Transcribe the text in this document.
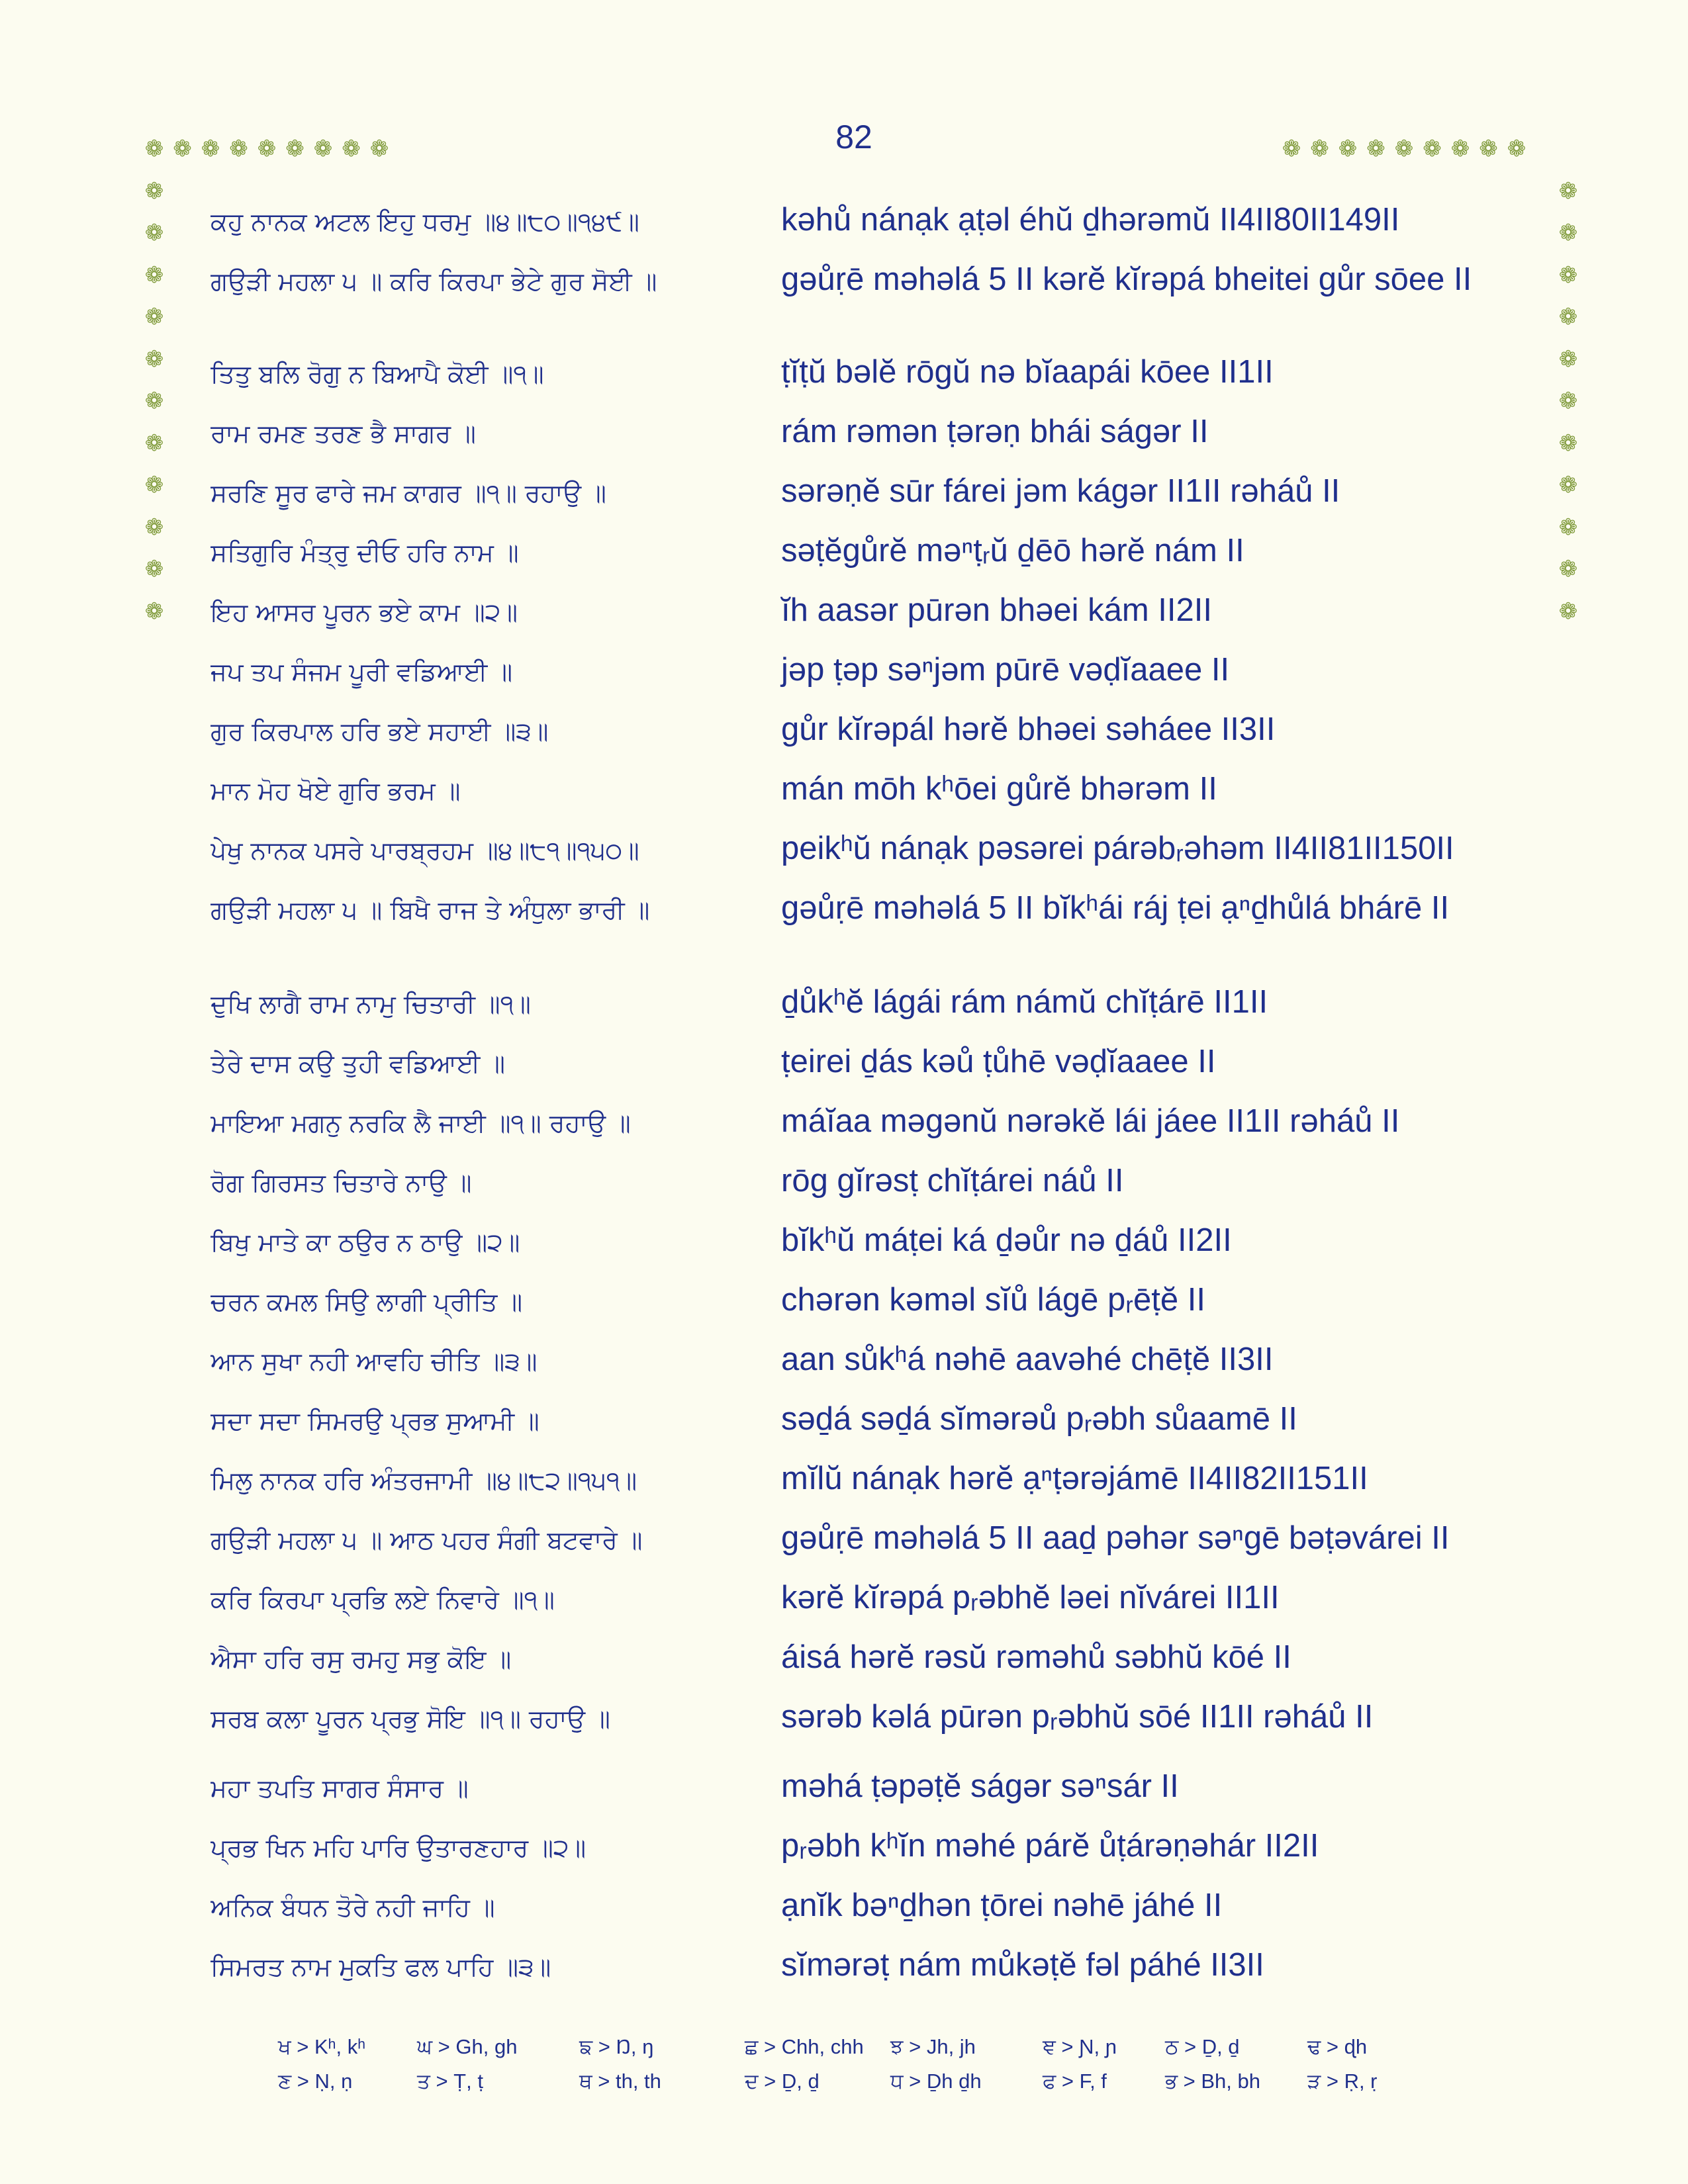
82
❁ ❁ ❁ ❁ ❁ ❁ ❁ ❁ ❁	❁ ❁ ❁ ❁ ❁ ❁ ❁ ❁ ❁
❁
❁
❁
❁
❁
❁
❁
❁
❁
❁
❁
❁
❁
❁
❁
❁
❁
❁
❁
❁
❁
❁
ਕਹੁ ਨਾਨਕ ਅਟਲ ਇਹੁ ਧਰਮੁ ॥੪॥੮੦॥੧੪੯॥	kəhů nánạk ạṭəl éhŭ ḏhərəmŭ II4II80II149II
ਗਉੜੀ ਮਹਲਾ ੫ ॥ ਕਰਿ ਕਿਰਪਾ ਭੇਟੇ ਗੁਰ ਸੋਈ ॥	gəůṛē məhəlá 5 II kərĕ kĭrəpá bheitei gůr sōee II
ਤਿਤੁ ਬਲਿ ਰੋਗੁ ਨ ਬਿਆਪੈ ਕੋਈ ॥੧॥	ṭĭṭŭ bəlĕ rōgŭ nə bĭaapái kōee II1II
ਰਾਮ ਰਮਣ ਤਰਣ ਭੈ ਸਾਗਰ ॥	rám rəmən ṭərəṇ bhái ságər II
ਸਰਣਿ ਸੂਰ ਫਾਰੇ ਜਮ ਕਾਗਰ ॥੧॥ ਰਹਾਉ ॥	sərəṇĕ sūr fárei jəm kágər II1II rəháů II
ਸਤਿਗੁਰਿ ਮੰਤ੍ਰੁ ਦੀਓ ਹਰਿ ਨਾਮ ॥	səṭĕgůrĕ məⁿṭᵣŭ ḏēō hərĕ nám II
ਇਹ ਆਸਰ ਪੂਰਨ ਭਏ ਕਾਮ ॥੨॥	ĭh aasər pūrən bhəei kám II2II
ਜਪ ਤਪ ਸੰਜਮ ਪੂਰੀ ਵਡਿਆਈ ॥	jəp ṭəp səⁿjəm pūrē vəḍĭaaee II
ਗੁਰ ਕਿਰਪਾਲ ਹਰਿ ਭਏ ਸਹਾਈ ॥੩॥	gůr kĭrəpál hərĕ bhəei səháee II3II
ਮਾਨ ਮੋਹ ਖੋਏ ਗੁਰਿ ਭਰਮ ॥	mán mōh kʰōei gůrĕ bhərəm II
ਪੇਖੁ ਨਾਨਕ ਪਸਰੇ ਪਾਰਬ੍ਰਹਮ ॥੪॥੮੧॥੧੫੦॥	peikʰŭ nánạk pəsərei párəbᵣəhəm II4II81II150II
ਗਉੜੀ ਮਹਲਾ ੫ ॥ ਬਿਖੈ ਰਾਜ ਤੇ ਅੰਧੁਲਾ ਭਾਰੀ ॥	gəůṛē məhəlá 5 II bĭkʰái ráj ṭei ạⁿḏhůlá bhárē II
ਦੁਖਿ ਲਾਗੈ ਰਾਮ ਨਾਮੁ ਚਿਤਾਰੀ ॥੧॥	ḏůkʰĕ lágái rám námŭ chĭṭárē II1II
ਤੇਰੇ ਦਾਸ ਕਉ ਤੁਹੀ ਵਡਿਆਈ ॥	ṭeirei ḏás kəů ṭůhē vəḍĭaaee II
ਮਾਇਆ ਮਗਨੁ ਨਰਕਿ ਲੈ ਜਾਈ ॥੧॥ ਰਹਾਉ ॥	máĭaa məgənŭ nərəkĕ lái jáee II1II rəháů II
ਰੋਗ ਗਿਰਸਤ ਚਿਤਾਰੇ ਨਾਉ ॥	rōg gĭrəsṭ chĭṭárei náů II
ਬਿਖੁ ਮਾਤੇ ਕਾ ਠਉਰ ਨ ਠਾਉ ॥੨॥	bĭkʰŭ máṭei ká ḏəůr nə ḏáů II2II
ਚਰਨ ਕਮਲ ਸਿਉ ਲਾਗੀ ਪ੍ਰੀਤਿ ॥	chərən kəməl sĭů lágē pᵣēṭĕ II
ਆਨ ਸੁਖਾ ਨਹੀ ਆਵਹਿ ਚੀਤਿ ॥੩॥	aan sůkʰá nəhē aavəhé chēṭĕ II3II
ਸਦਾ ਸਦਾ ਸਿਮਰਉ ਪ੍ਰਭ ਸੁਆਮੀ ॥	səḏá səḏá sĭmərəů pᵣəbh sůaamē II
ਮਿਲੁ ਨਾਨਕ ਹਰਿ ਅੰਤਰਜਾਮੀ ॥੪॥੮੨॥੧੫੧॥	mĭlŭ nánạk hərĕ ạⁿṭərəjámē II4II82II151II
ਗਉੜੀ ਮਹਲਾ ੫ ॥ ਆਠ ਪਹਰ ਸੰਗੀ ਬਟਵਾਰੇ ॥	gəůṛē məhəlá 5 II aaḏ pəhər səⁿgē bəṭəvárei II
ਕਰਿ ਕਿਰਪਾ ਪ੍ਰਭਿ ਲਏ ਨਿਵਾਰੇ ॥੧॥	kərĕ kĭrəpá pᵣəbhĕ ləei nĭvárei II1II
ਐਸਾ ਹਰਿ ਰਸੁ ਰਮਹੁ ਸਭੁ ਕੋਇ ॥	áisá hərĕ rəsŭ rəməhů səbhŭ kōé II
ਸਰਬ ਕਲਾ ਪੂਰਨ ਪ੍ਰਭੁ ਸੋਇ ॥੧॥ ਰਹਾਉ ॥	sərəb kəlá pūrən pᵣəbhŭ sōé II1II rəháů II
ਮਹਾ ਤਪਤਿ ਸਾਗਰ ਸੰਸਾਰ ॥	məhá ṭəpəṭĕ ságər səⁿsár II
ਪ੍ਰਭ ਖਿਨ ਮਹਿ ਪਾਰਿ ਉਤਾਰਣਹਾਰ ॥੨॥	pᵣəbh kʰĭn məhé párĕ ůṭárəṇəhár II2II
ਅਨਿਕ ਬੰਧਨ ਤੋਰੇ ਨਹੀ ਜਾਹਿ ॥	ạnĭk bəⁿḏhən ṭōrei nəhē jáhé II
ਸਿਮਰਤ ਨਾਮ ਮੁਕਤਿ ਫਲ ਪਾਹਿ ॥੩॥	sĭmərəṭ nám můkəṭĕ fəl páhé II3II
ਖ > Kʰ, kʰ	ਘ > Gh, gh	ਙ > Ŋ, ŋ	ਛ > Chh, chh ਝ > Jh, jh	ਞ > Ɲ, ɲ ਠ > Ḏ, ḏ	ਢ > ɖh
ਣ > Ṇ, ṇ	ਤ > Ṭ, ṭ	ਥ > th, th	ਦ > Ḏ, ḏ	ਧ > Ḏh ḏh	ਫ > F, f	ਭ > Bh, bh ੜ > Ṛ, ṛ
